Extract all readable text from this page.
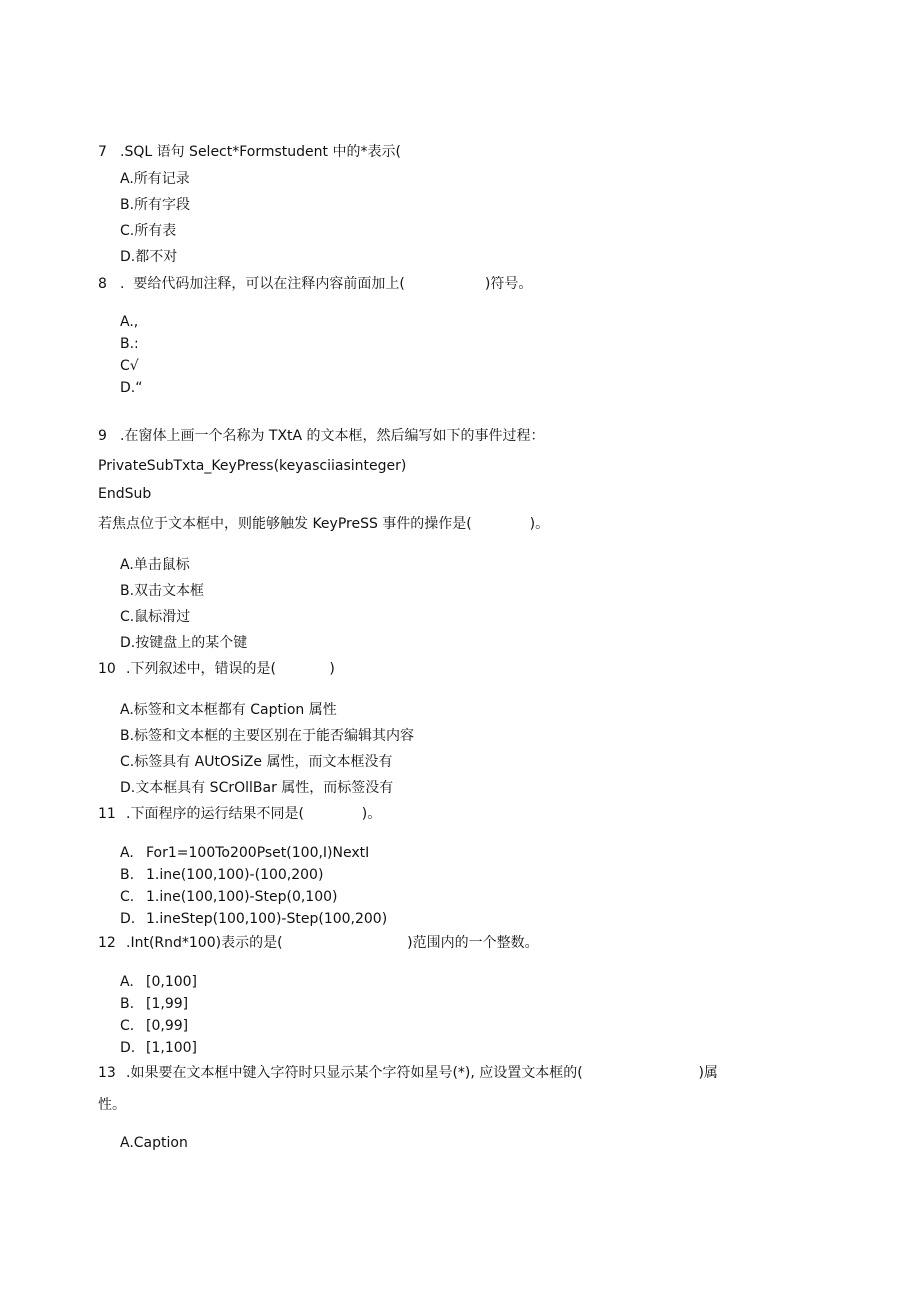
7 .SQL 语句 Select*Formstudent 中的*表示(
A.所有记录
B.所有字段
C.所有表
D.都不对
8 .  要给代码加注释，可以在注释内容前面加上(                  )符号。
A.,
B.:
C√
D.“
9 .在窗体上画一个名称为 TXtA 的文本框，然后编写如下的事件过程：
PrivateSubTxta_KeyPress(keyasciiasinteger)
EndSub
若焦点位于文本框中，则能够触发 KeyPreSS 事件的操作是(             )。
A.单击鼠标
B.双击文本框
C.鼠标滑过
D.按键盘上的某个键
10 .下列叙述中，错误的是(            )
A.标签和文本框都有 Caption 属性
B.标签和文本框的主要区别在于能否编辑其内容
C.标签具有 AUtOSiZe 属性，而文本框没有
D.文本框具有 SCrOllBar 属性，而标签没有
11 .下面程序的运行结果不同是(             )。
A. For1=100To200Pset(100,I)NextI
B. 1.ine(100,100)-(100,200)
C. 1.ine(100,100)-Step(0,100)
D. 1.ineStep(100,100)-Step(100,200)
12 .Int(Rnd*100)表示的是(                            )范围内的一个整数。
A. [0,100]
B. [1,99]
C. [0,99]
D. [1,100]
13 .如果要在文本框中键入字符时只显示某个字符如星号(*), 应设置文本框的(                          )属
性。
A.Caption
